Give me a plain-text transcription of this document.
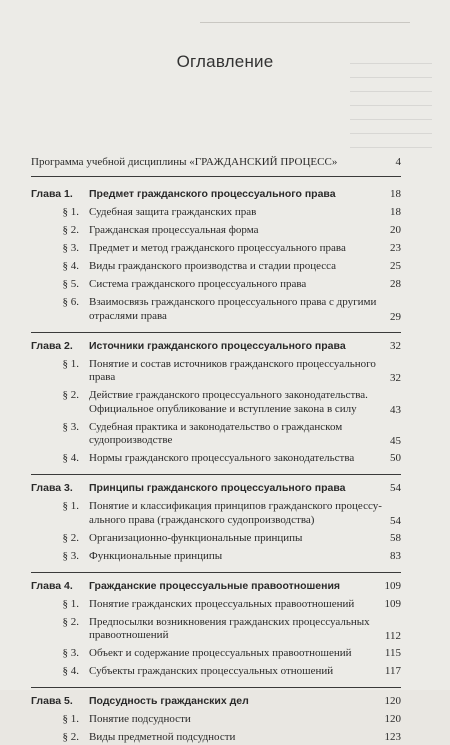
Оглавление
Программа учебной дисциплины «ГРАЖДАНСКИЙ ПРОЦЕСС»	4
Глава 1. Предмет гражданского процессуального права	18
§ 1. Судебная защита гражданских прав	18
§ 2. Гражданская процессуальная форма	20
§ 3. Предмет и метод гражданского процессуального права	23
§ 4. Виды гражданского производства и стадии процесса	25
§ 5. Система гражданского процессуального права	28
§ 6. Взаимосвязь гражданского процессуального права с другими
отраслями права	29
Глава 2. Источники гражданского процессуального права	32
§ 1. Понятие и состав источников гражданского процессуального
права	32
§ 2. Действие гражданского процессуального законодательства.
Официальное опубликование и вступление закона в силу	43
§ 3. Судебная практика и законодательство о гражданском
судопроизводстве	45
§ 4. Нормы гражданского процессуального законодательства	50
Глава 3. Принципы гражданского процессуального права	54
§ 1. Понятие и классификация принципов гражданского процессу-
ального права (гражданского судопроизводства)	54
§ 2. Организационно-функциональные принципы	58
§ 3. Функциональные принципы	83
Глава 4. Гражданские процессуальные правоотношения	109
§ 1. Понятие гражданских процессуальных правоотношений	109
§ 2. Предпосылки возникновения гражданских процессуальных
правоотношений	112
§ 3. Объект и содержание процессуальных правоотношений	115
§ 4. Субъекты гражданских процессуальных отношений	117
Глава 5. Подсудность гражданских дел	120
§ 1. Понятие подсудности	120
§ 2. Виды предметной подсудности	123
